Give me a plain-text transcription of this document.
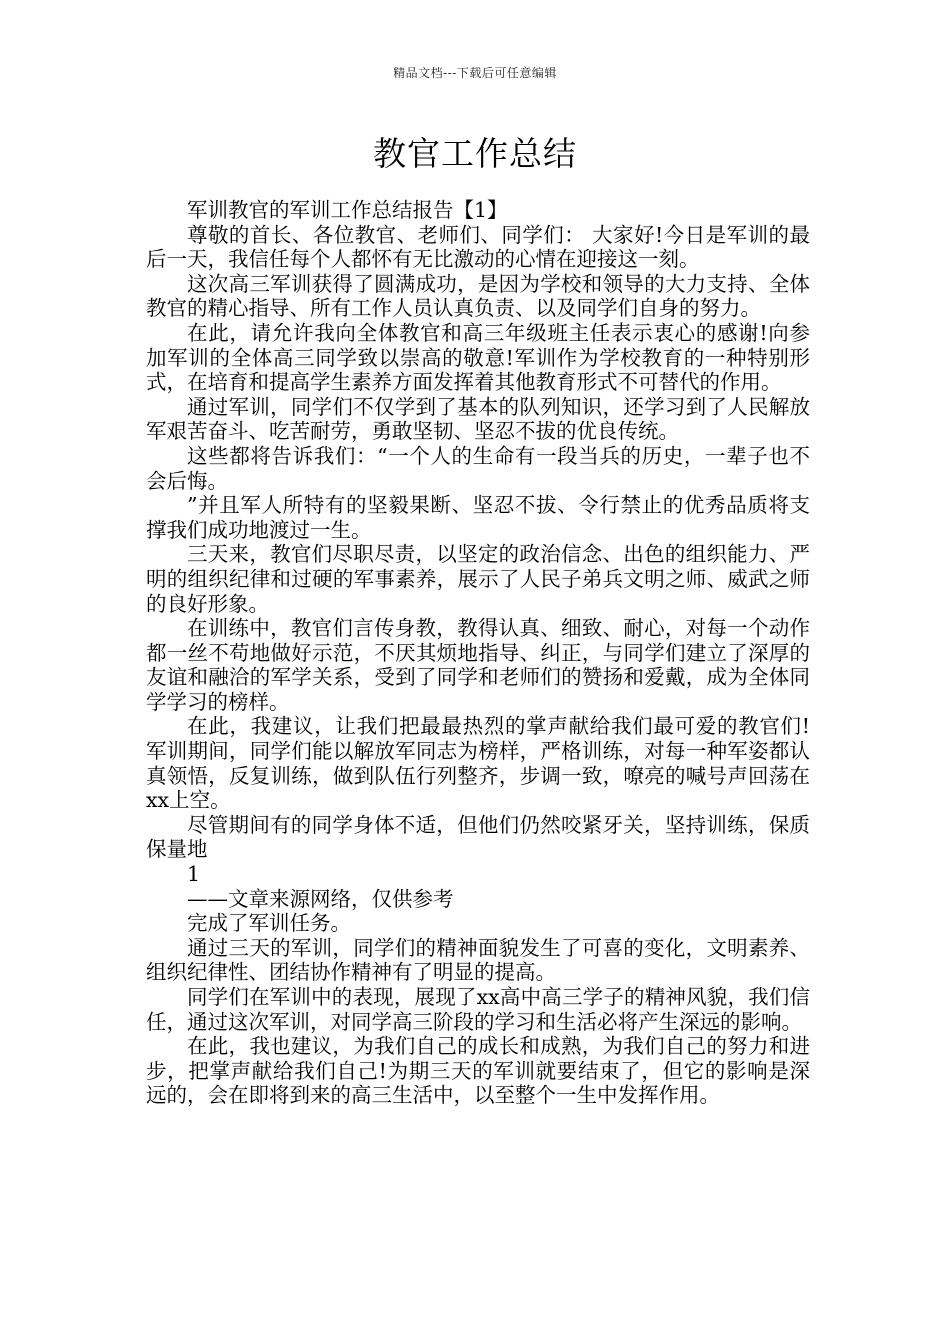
精品文档---下载后可任意编辑
教官工作总结

军训教官的军训工作总结报告【1】

尊敬的首长、各位教官、老师们、同学们： 大家好!今日是军训的最后一天，我信任每个人都怀有无比激动的心情在迎接这一刻。

这次高三军训获得了圆满成功，是因为学校和领导的大力支持、全体教官的精心指导、所有工作人员认真负责、以及同学们自身的努力。

在此，请允许我向全体教官和高三年级班主任表示衷心的感谢!向参加军训的全体高三同学致以崇高的敬意!军训作为学校教育的一种特别形式，在培育和提高学生素养方面发挥着其他教育形式不可替代的作用。

通过军训，同学们不仅学到了基本的队列知识，还学习到了人民解放军艰苦奋斗、吃苦耐劳，勇敢坚韧、坚忍不拔的优良传统。

这些都将告诉我们：“一个人的生命有一段当兵的历史，一辈子也不会后悔。

”并且军人所特有的坚毅果断、坚忍不拔、令行禁止的优秀品质将支撑我们成功地渡过一生。

三天来，教官们尽职尽责，以坚定的政治信念、出色的组织能力、严明的组织纪律和过硬的军事素养，展示了人民子弟兵文明之师、威武之师的良好形象。

在训练中，教官们言传身教，教得认真、细致、耐心，对每一个动作都一丝不苟地做好示范，不厌其烦地指导、纠正，与同学们建立了深厚的友谊和融洽的军学关系，受到了同学和老师们的赞扬和爱戴，成为全体同学学习的榜样。

在此，我建议，让我们把最最热烈的掌声献给我们最可爱的教官们!军训期间，同学们能以解放军同志为榜样，严格训练，对每一种军姿都认真领悟，反复训练，做到队伍行列整齐，步调一致，嘹亮的喊号声回荡在xx上空。

尽管期间有的同学身体不适，但他们仍然咬紧牙关，坚持训练，保质保量地

1

——文章来源网络，仅供参考

完成了军训任务。

通过三天的军训，同学们的精神面貌发生了可喜的变化，文明素养、组织纪律性、团结协作精神有了明显的提高。

同学们在军训中的表现，展现了xx高中高三学子的精神风貌，我们信任，通过这次军训，对同学高三阶段的学习和生活必将产生深远的影响。

在此，我也建议，为我们自己的成长和成熟，为我们自己的努力和进步，把掌声献给我们自己!为期三天的军训就要结束了，但它的影响是深远的，会在即将到来的高三生活中，以至整个一生中发挥作用。
